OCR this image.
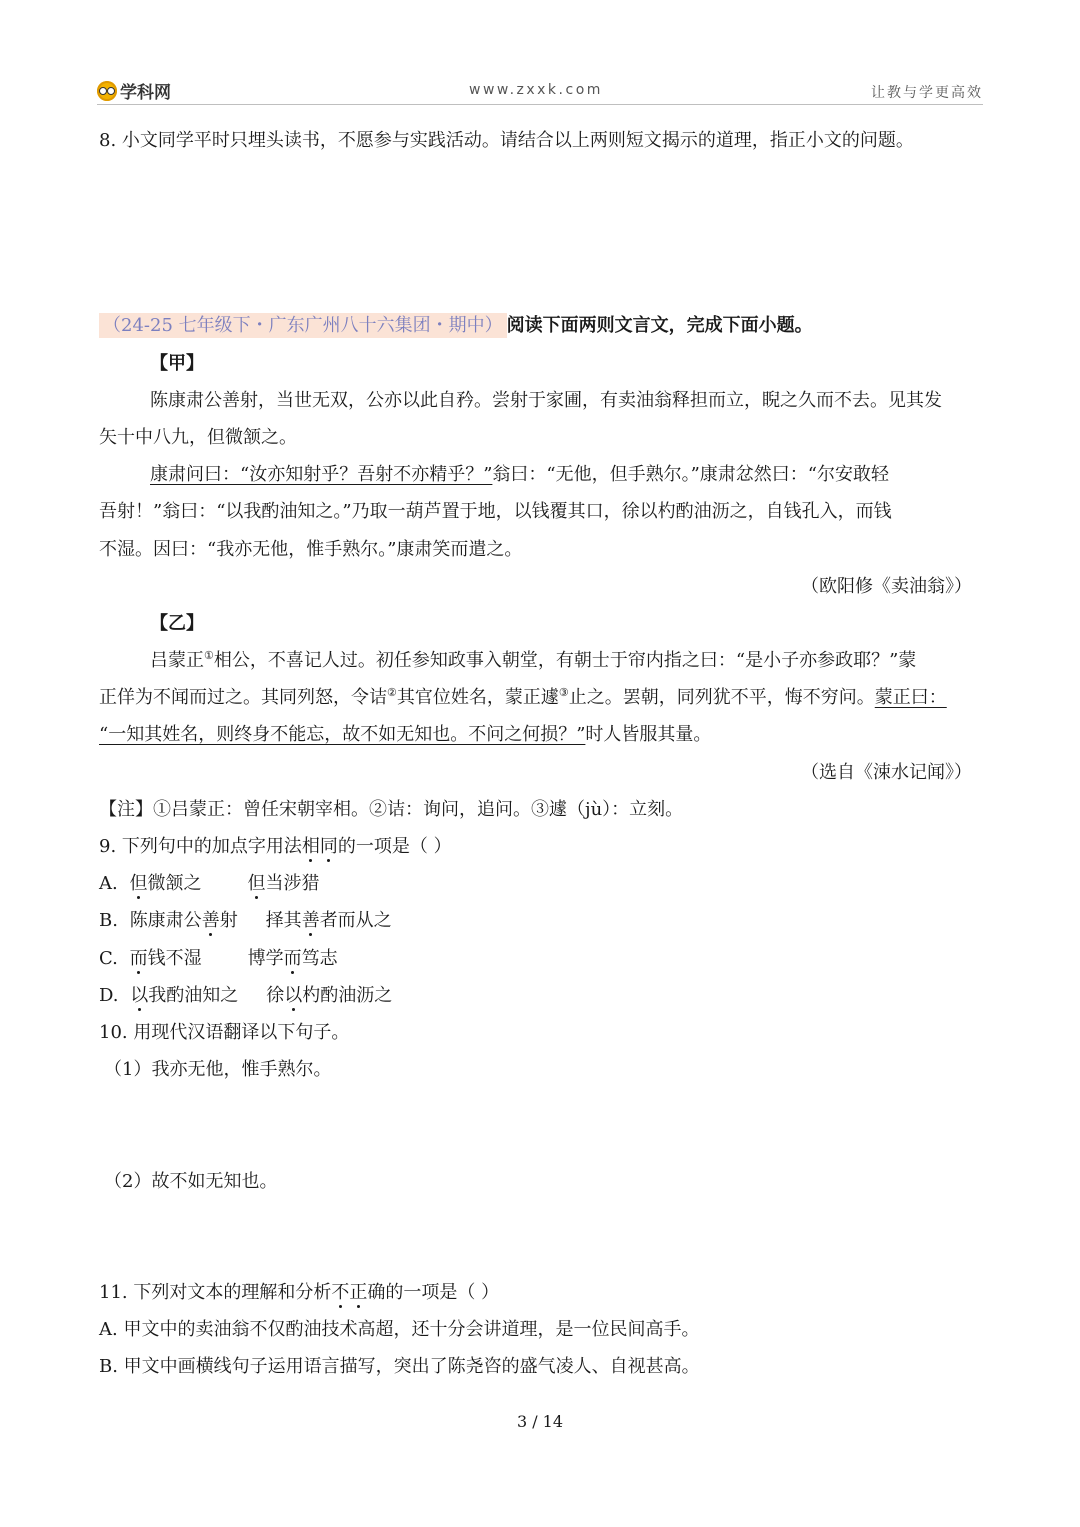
学科网	www.zxxk.com	让教与学更高效
8. 小文同学平时只埋头读书，不愿参与实践活动。请结合以上两则短文揭示的道理，指正小文的问题。
（24-25 七年级下・广东广州八十六集团・期中） 阅读下面两则文言文，完成下面小题。
【甲】
陈康肃公善射，当世无双，公亦以此自矜。尝射于家圃，有卖油翁释担而立，睨之久而不去。见其发
矢十中八九，但微颔之。
康肃问曰：“汝亦知射乎？吾射不亦精乎？”翁曰：“无他，但手熟尔。”康肃忿然曰：“尔安敢轻
吾射！”翁曰：“以我酌油知之。”乃取一葫芦置于地，以钱覆其口，徐以杓酌油沥之，自钱孔入，而钱
不湿。因曰：“我亦无他，惟手熟尔。”康肃笑而遣之。
（欧阳修《卖油翁》）
【乙】
吕蒙正①相公，不喜记人过。初任参知政事入朝堂，有朝士于帘内指之曰：“是小子亦参政耶？”蒙
正佯为不闻而过之。其同列怒，令诘②其官位姓名，蒙正遽③止之。罢朝，同列犹不平，悔不穷问。蒙正曰：
“一知其姓名，则终身不能忘，故不如无知也。不问之何损？”时人皆服其量。
（选自《涑水记闻》）
【注】①吕蒙正：曾任宋朝宰相。②诘：询问，追问。③遽（jù）：立刻。
9. 下列句中的加点字用法相同的一项是（ ）
A. 但微颔之	但当涉猎
B. 陈康肃公善射 择其善者而从之
C. 而钱不湿	博学而笃志
D. 以我酌油知之 徐以杓酌油沥之
10. 用现代汉语翻译以下句子。
（1）我亦无他，惟手熟尔。
（2）故不如无知也。
11. 下列对文本的理解和分析不正确的一项是（ ）
A. 甲文中的卖油翁不仅酌油技术高超，还十分会讲道理，是一位民间高手。
B. 甲文中画横线句子运用语言描写，突出了陈尧咨的盛气凌人、自视甚高。
3 / 14
